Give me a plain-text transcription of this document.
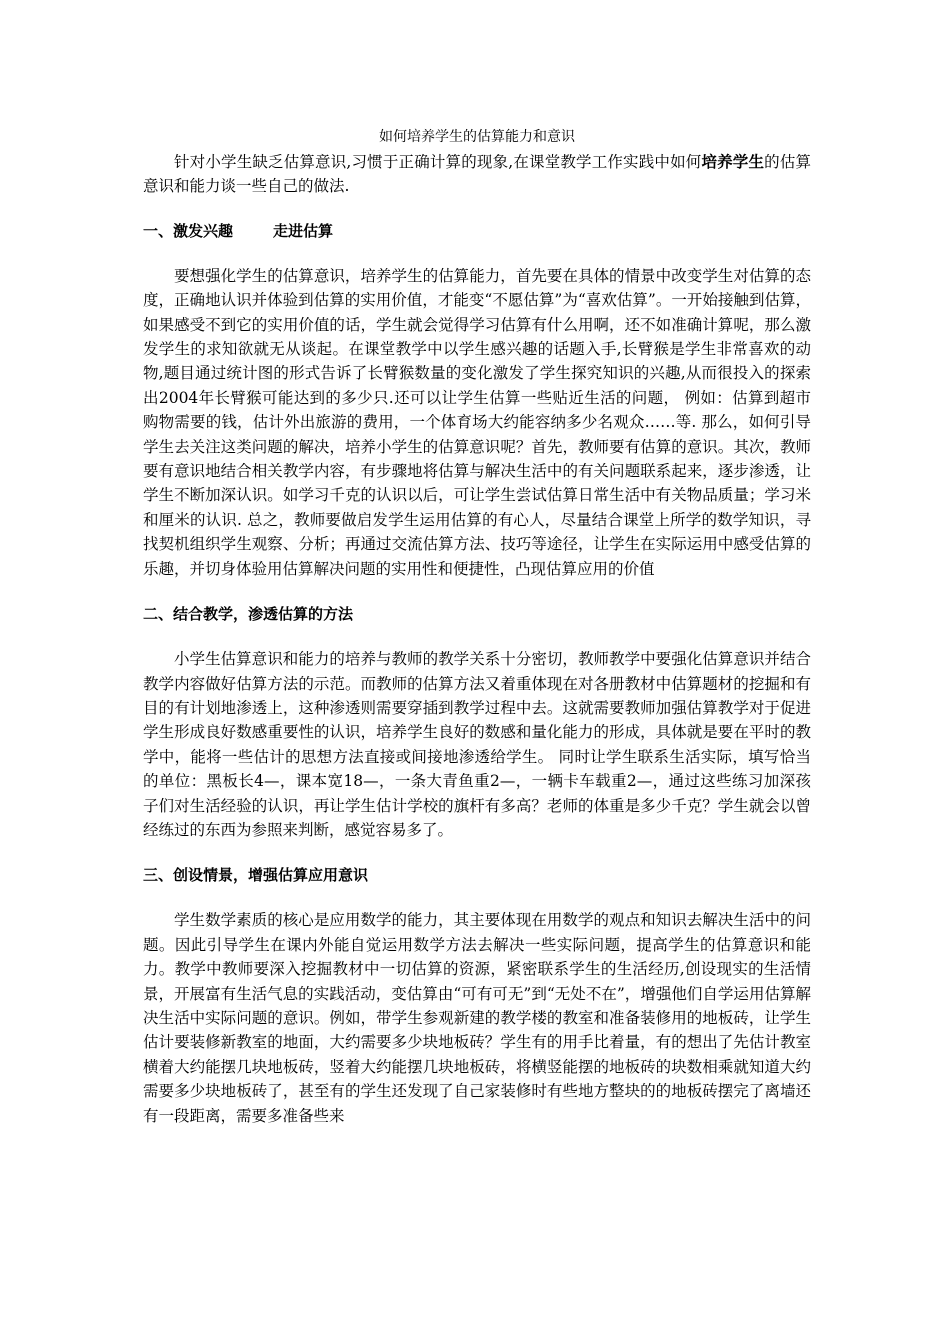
如何培养学生的估算能力和意识

针对小学生缺乏估算意识,习惯于正确计算的现象,在课堂教学工作实践中如何培养学生的估算意识和能力谈一些自己的做法.

一、激发兴趣	走进估算

要想强化学生的估算意识，培养学生的估算能力，首先要在具体的情景中改变学生对估算的态度，正确地认识并体验到估算的实用价值，才能变“不愿估算”为“喜欢估算”。一开始接触到估算，如果感受不到它的实用价值的话，学生就会觉得学习估算有什么用啊，还不如准确计算呢，那么激发学生的求知欲就无从谈起。在课堂教学中以学生感兴趣的话题入手,长臂猴是学生非常喜欢的动物,题目通过统计图的形式告诉了长臂猴数量的变化激发了学生探究知识的兴趣,从而很投入的探索出2004年长臂猴可能达到的多少只.还可以让学生估算一些贴近生活的问题， 例如：估算到超市购物需要的钱，估计外出旅游的费用，一个体育场大约能容纳多少名观众……等. 那么，如何引导学生去关注这类问题的解决，培养小学生的估算意识呢？首先，教师要有估算的意识。其次，教师要有意识地结合相关教学内容，有步骤地将估算与解决生活中的有关问题联系起来，逐步渗透，让学生不断加深认识。如学习千克的认识以后，可让学生尝试估算日常生活中有关物品质量；学习米和厘米的认识. 总之，教师要做启发学生运用估算的有心人，尽量结合课堂上所学的数学知识，寻找契机组织学生观察、分析；再通过交流估算方法、技巧等途径，让学生在实际运用中感受估算的乐趣，并切身体验用估算解决问题的实用性和便捷性，凸现估算应用的价值

二、结合教学，渗透估算的方法

小学生估算意识和能力的培养与教师的教学关系十分密切，教师教学中要强化估算意识并结合教学内容做好估算方法的示范。而教师的估算方法又着重体现在对各册教材中估算题材的挖掘和有目的有计划地渗透上，这种渗透则需要穿插到教学过程中去。这就需要教师加强估算教学对于促进学生形成良好数感重要性的认识，培养学生良好的数感和量化能力的形成，具体就是要在平时的教学中，能将一些估计的思想方法直接或间接地渗透给学生。 同时让学生联系生活实际，填写恰当的单位：黑板长4—，课本宽18—，一条大青鱼重2—，一辆卡车载重2—，通过这些练习加深孩子们对生活经验的认识，再让学生估计学校的旗杆有多高？老师的体重是多少千克？学生就会以曾经练过的东西为参照来判断，感觉容易多了。

三、创设情景，增强估算应用意识

学生数学素质的核心是应用数学的能力，其主要体现在用数学的观点和知识去解决生活中的问题。因此引导学生在课内外能自觉运用数学方法去解决一些实际问题，提高学生的估算意识和能力。教学中教师要深入挖掘教材中一切估算的资源，紧密联系学生的生活经历,创设现实的生活情景，开展富有生活气息的实践活动，变估算由“可有可无”到“无处不在”，增强他们自学运用估算解决生活中实际问题的意识。例如，带学生参观新建的教学楼的教室和准备装修用的地板砖，让学生估计要装修新教室的地面，大约需要多少块地板砖？学生有的用手比着量，有的想出了先估计教室横着大约能摆几块地板砖，竖着大约能摆几块地板砖，将横竖能摆的地板砖的块数相乘就知道大约需要多少块地板砖了，甚至有的学生还发现了自己家装修时有些地方整块的的地板砖摆完了离墙还有一段距离，需要多准备些来
